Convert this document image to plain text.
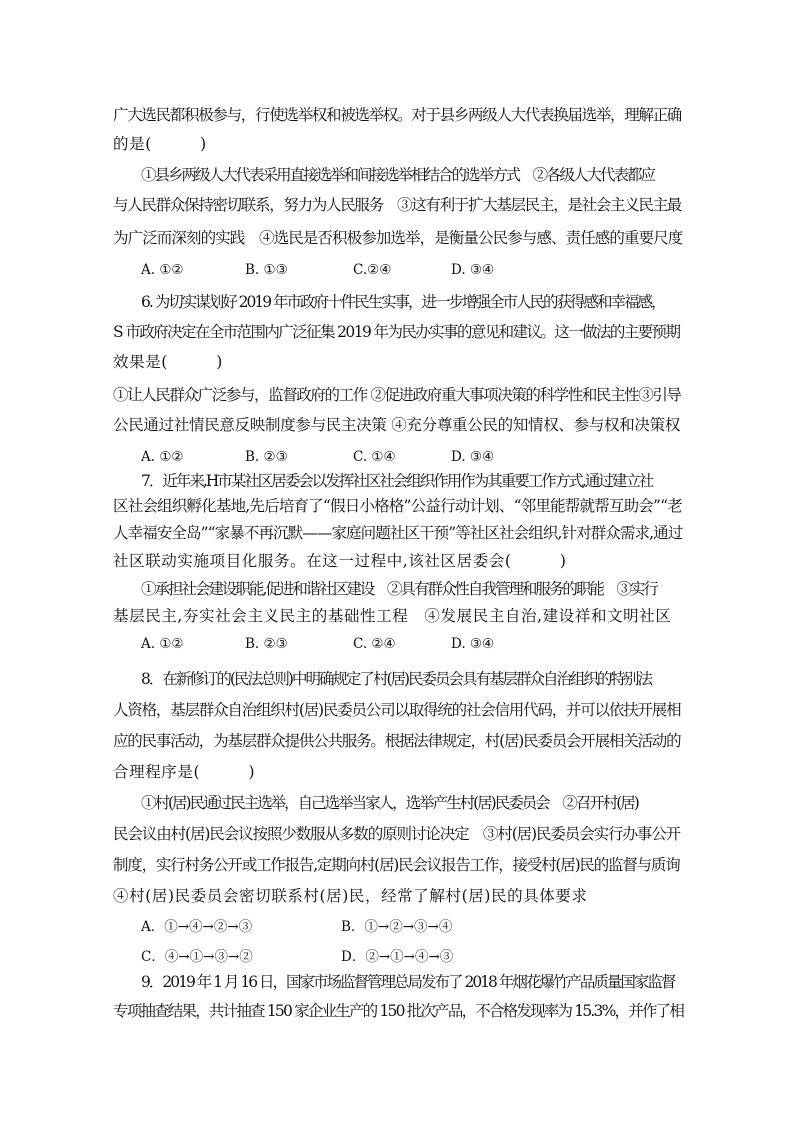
广大选民都积极参与，行使选举权和被选举权。对于县乡两级人大代表换届选举，理解正确
的是(　　　)
①县乡两级人大代表采用直接选举和间接选举相结合的选举方式　②各级人大代表都应
与人民群众保持密切联系，努力为人民服务　③这有利于扩大基层民主，是社会主义民主最
为广泛而深刻的实践　④选民是否积极参加选举，是衡量公民参与感、责任感的重要尺度
A. ①②	B. ①③	C.②④	D. ③④
6. 为切实谋划好 2019 年市政府十件民生实事，进一步增强全市人民的获得感和幸福感，
S 市政府决定在全市范围内广泛征集 2019 年为民办实事的意见和建议。这一做法的主要预期
效果是(　　　)
①让人民群众广泛参与，监督政府的工作 ②促进政府重大事项决策的科学性和民主性③引导
公民通过社情民意反映制度参与民主决策 ④充分尊重公民的知情权、参与权和决策权
A. ①②	B. ②③	C. ①④	D. ③④
7．近年来,H市某社区居委会以发挥社区社会组织作用作为其重要工作方式,通过建立社
区社会组织孵化基地,先后培育了“假日小格格”公益行动计划、“邻里能帮就帮互助会”“老
人幸福安全岛”“家暴不再沉默——家庭问题社区干预”等社区社会组织,针对群众需求,通过
社区联动实施项目化服务。在这一过程中,该社区居委会(　　　)
①承担社会建设职能,促进和谐社区建设　②具有群众性自我管理和服务的职能　③实行
基层民主,夯实社会主义民主的基础性工程　④发展民主自治,建设祥和文明社区
A. ①②	B. ②③	C. ②④	D. ③④
8．在新修订的(民法总则)中明确规定了村(居)民委员会具有基层群众自治组织的特别法
人资格，基层群众自治组织村(居)民委员公司以取得统的社会信用代码，并可以依扶开展相
应的民事活动，为基层群众提供公共服务。根据法律规定，村(居)民委员会开展相关活动的
合理程序是(　　　)
①村(居)民通过民主选举，自己选举当家人，选举产生村(居)民委员会　②召开村(居)
民会议由村(居)民会议按照少数服从多数的原则讨论决定　③村(居)民委员会实行办事公开
制度，实行村务公开或工作报告,定期向村(居)民会议报告工作，接受村(居)民的监督与质询
④村(居)民委员会密切联系村(居)民，经常了解村(居)民的具体要求
A．①→④→②→③	B．①→②→③→④
C．④→①→③→②	D．②→①→④→③
9．2019 年 1 月 16 日，国家市场监督管理总局发布了 2018 年烟花爆竹产品质量国家监督
专项抽查结果，共计抽查 150 家企业生产的 150 批次产品，不合格发现率为 15.3%，并作了相
